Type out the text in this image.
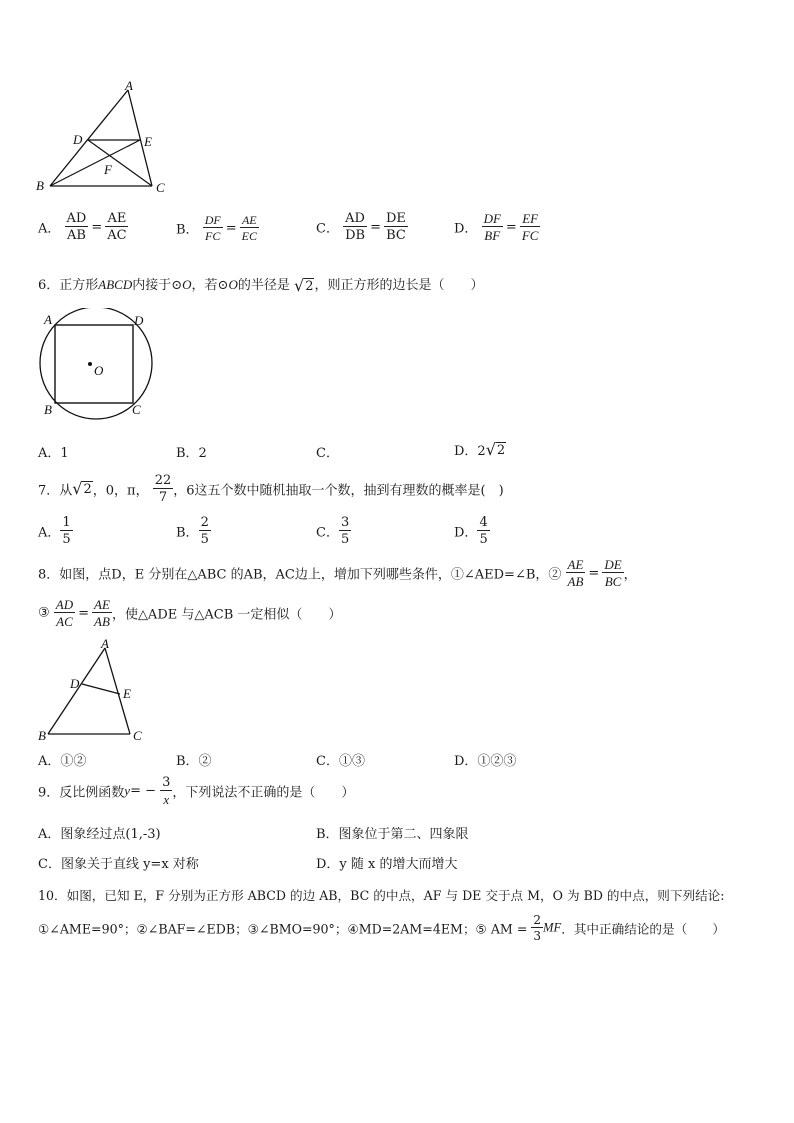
A
D	E
F
B	C
A． $\frac{AD}{AB} = \frac{AE}{AC}$	B． $\frac{DF}{FC} = \frac{AE}{EC}$	C． $\frac{AD}{DB} = \frac{DE}{BC}$	D． $\frac{DF}{BF} = \frac{EF}{FC}$
6．正方形ABCD内接于⊙O，若⊙O的半径是 √ 2 ，则正方形的边长是（　　）
A	D
O
B	C
A．1	B．2	C．	D．2 √ 2
7．从 √ 2 ，0，π， $\frac{22}{7}$ ，6这五个数中随机抽取一个数，抽到有理数的概率是(　)
A． $\frac{1}{5}$	B． $\frac{2}{5}$	C． $\frac{3}{5}$	D． $\frac{4}{5}$
8．如图，点D，E 分别在△ABC 的AB，AC边上，增加下列哪些条件，①∠AED=∠B，② $\frac{AE}{AB} = \frac{DE}{BC}$ ，
③ $\frac{AD}{AC} = \frac{AE}{AB}$ ，使△ADE 与△ACB 一定相似（　　）
A
D
E
B	C
A．①②	B．②	C．①③	D．①②③
9．反比例函数$y= - \frac{3}{x}$ ，下列说法不正确的是（　　）
A．图象经过点(1,-3)	B．图象位于第二、四象限
C．图象关于直线 y=x 对称	D．y 随 x 的增大而增大
10．如图，已知 E，F 分别为正方形 ABCD 的边 AB，BC 的中点，AF 与 DE 交于点 M，O 为 BD 的中点，则下列结论:
①∠AME=90°；②∠BAF=∠EDB；③∠BMO=90°；④MD=2AM=4EM；⑤ AM = $\frac{2}{3}$ MF．其中正确结论的是（　　）
